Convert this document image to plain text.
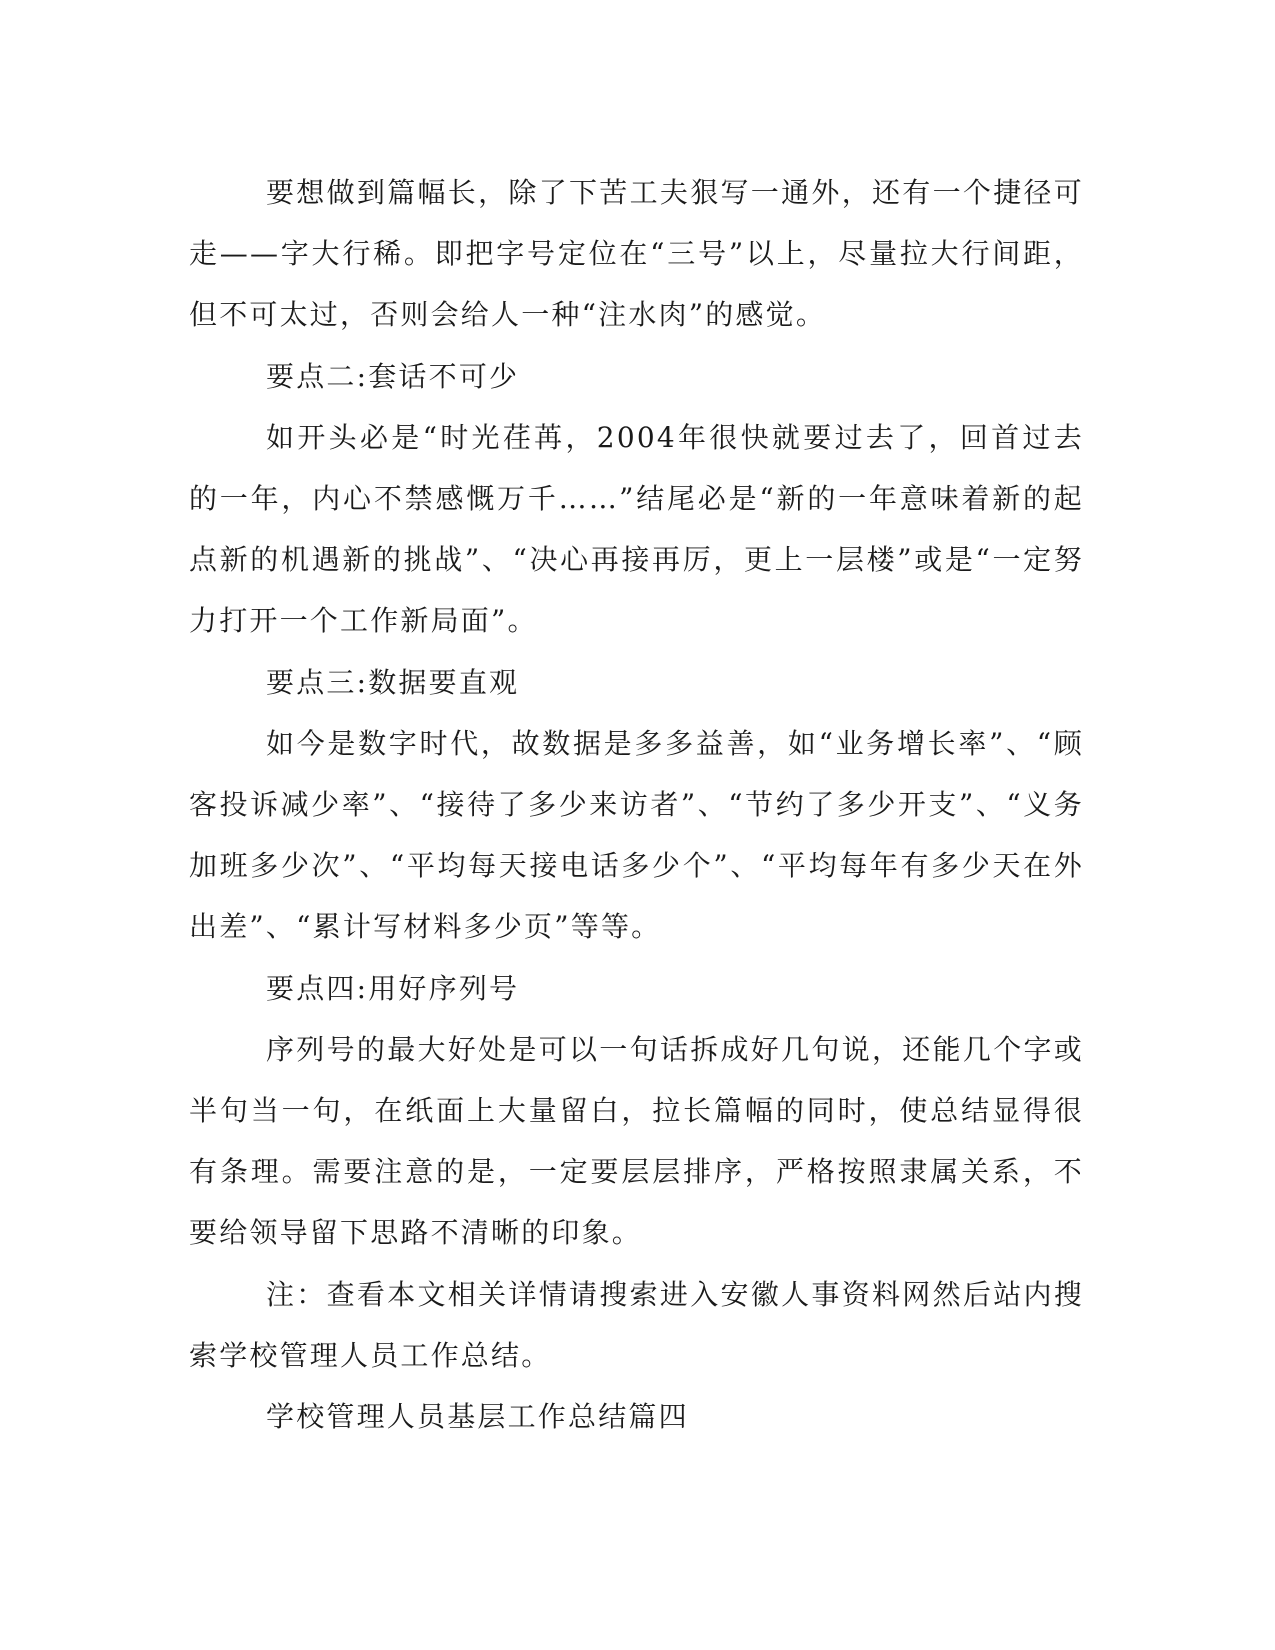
要想做到篇幅长，除了下苦工夫狠写一通外，还有一个捷径可走——字大行稀。即把字号定位在“三号”以上，尽量拉大行间距，但不可太过，否则会给人一种“注水肉”的感觉。

要点二:套话不可少

如开头必是“时光荏苒，2004年很快就要过去了，回首过去的一年，内心不禁感慨万千……”结尾必是“新的一年意味着新的起点新的机遇新的挑战”、“决心再接再厉，更上一层楼”或是“一定努力打开一个工作新局面”。

要点三:数据要直观

如今是数字时代，故数据是多多益善，如“业务增长率”、“顾客投诉减少率”、“接待了多少来访者”、“节约了多少开支”、“义务加班多少次”、“平均每天接电话多少个”、“平均每年有多少天在外出差”、“累计写材料多少页”等等。

要点四:用好序列号

序列号的最大好处是可以一句话拆成好几句说，还能几个字或半句当一句，在纸面上大量留白，拉长篇幅的同时，使总结显得很有条理。需要注意的是，一定要层层排序，严格按照隶属关系，不要给领导留下思路不清晰的印象。

注：查看本文相关详情请搜索进入安徽人事资料网然后站内搜索学校管理人员工作总结。

学校管理人员基层工作总结篇四
